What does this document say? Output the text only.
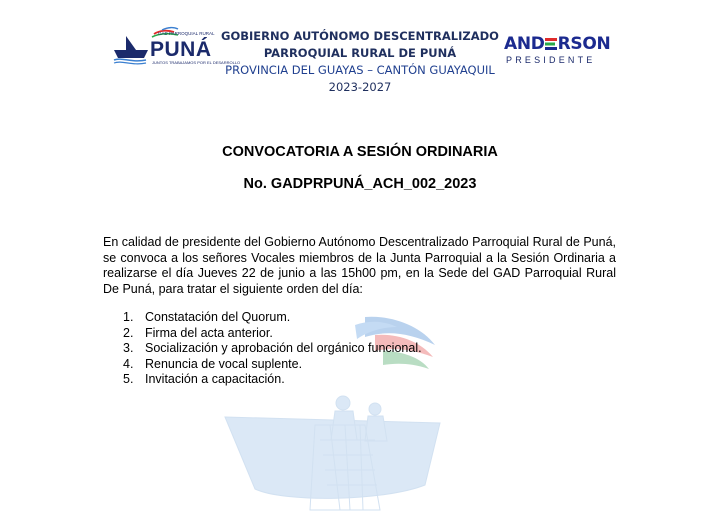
GAD PARROQUIAL RURAL
PUNÁ
JUNTOS TRABAJAMOS POR EL DESARROLLO
GOBIERNO AUTÓNOMO DESCENTRALIZADO
PARROQUIAL RURAL DE PUNÁ
PROVINCIA DEL GUAYAS – CANTÓN GUAYAQUIL
2023-2027
AND RSON
PRESIDENTE
CONVOCATORIA A SESIÓN ORDINARIA
No. GADPRPUNÁ_ACH_002_2023
En calidad de presidente del Gobierno Autónomo Descentralizado Parroquial Rural de Puná, se convoca a los señores Vocales miembros de la Junta Parroquial a la Sesión Ordinaria a realizarse el día Jueves 22 de junio a las 15h00 pm, en la Sede del GAD Parroquial Rural De Puná, para tratar el siguiente orden del día:
1. Constatación del Quorum.
2. Firma del acta anterior.
3. Socialización y aprobación del orgánico funcional.
4. Renuncia de vocal suplente.
5. Invitación a capacitación.
